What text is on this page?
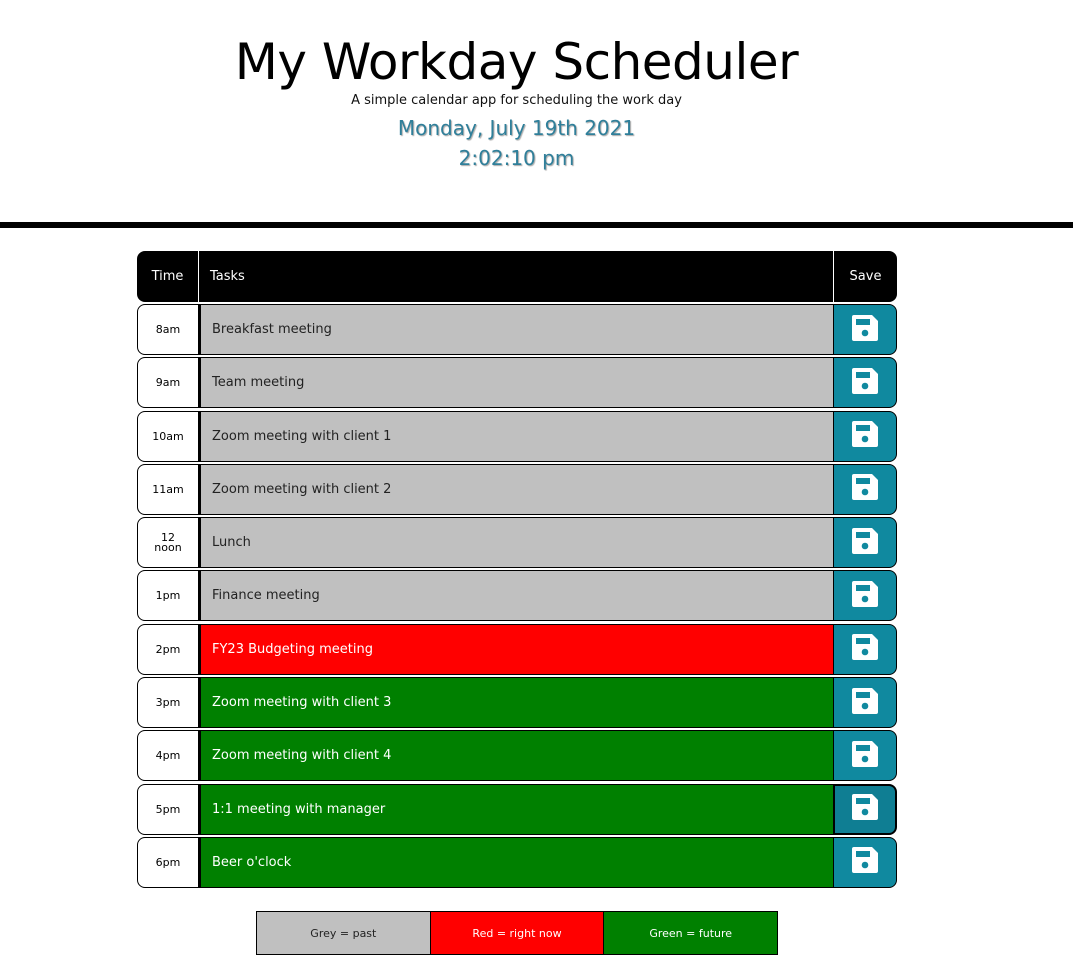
My Workday Scheduler
A simple calendar app for scheduling the work day
Monday, July 19th 2021
2:02:10 pm
Time	Tasks	Save
8am	Breakfast meeting
9am	Team meeting
10am	Zoom meeting with client 1
11am	Zoom meeting with client 2
12
noon	Lunch
1pm	Finance meeting
2pm	FY23 Budgeting meeting
3pm	Zoom meeting with client 3
4pm	Zoom meeting with client 4
5pm	1:1 meeting with manager
6pm	Beer o'clock
Grey = past	Red = right now	Green = future
